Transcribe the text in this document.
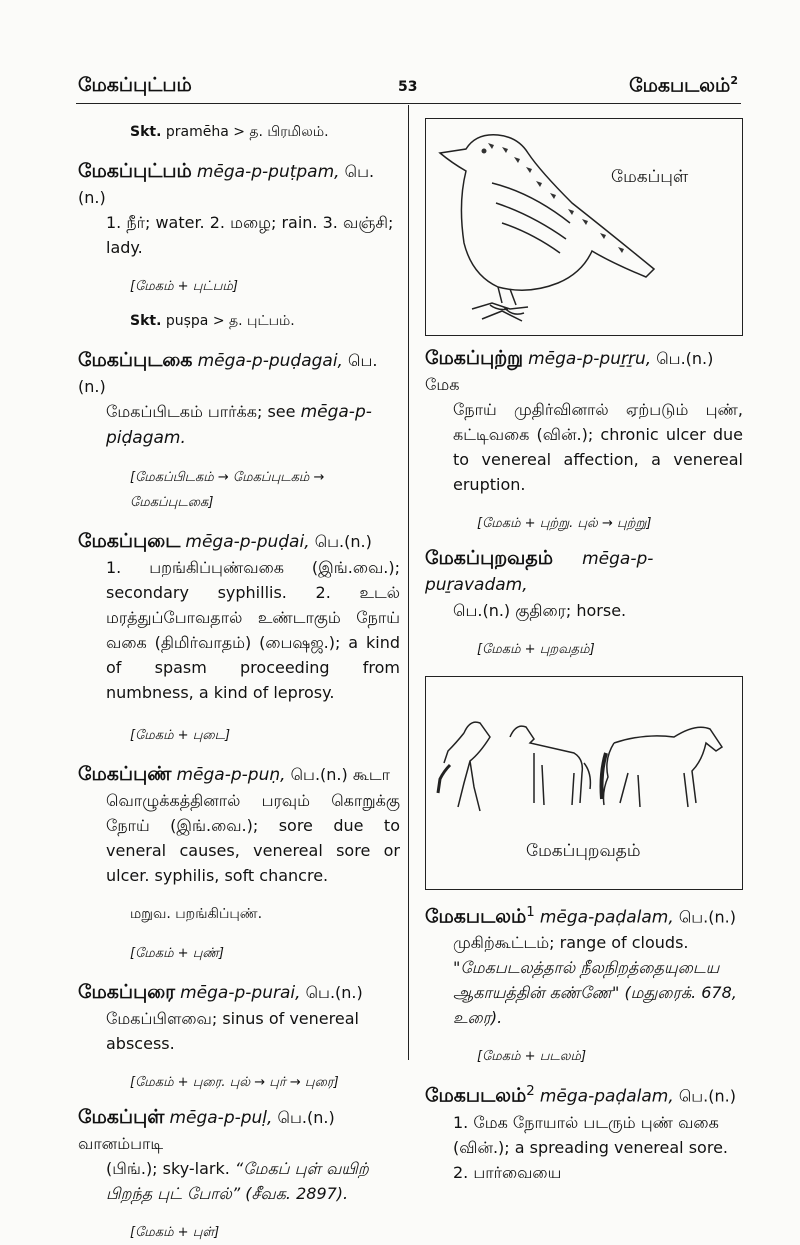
மேகப்புட்பம்	53	மேகபடலம்$^2$

Skt. pramēha > த. பிரமிலம்.

மேகப்புட்பம் mēga-p-puṭpam, பெ.(n.)

1. நீர்; water. 2. மழை; rain. 3. வஞ்சி; lady.

[மேகம் + புட்பம்]

Skt. puṣpa > த. புட்பம்.

மேகப்புடகை mēga-p-puḍagai, பெ.(n.)

மேகப்பிடகம் பார்க்க; see mēga-p-
piḍagam.

[மேகப்பிடகம் → மேகப்புடகம் → மேகப்புடகை]

மேகப்புடை mēga-p-puḍai, பெ.(n.)

1. பறங்கிப்புண்வகை (இங்.வை.); secondary syphillis. 2. உடல் மரத்துப்போவதால் உண்டாகும் நோய் வகை (திமிர்வாதம்) (பைஷஜ.); a kind of spasm proceeding from numbness, a kind of leprosy.

[மேகம் + புடை]

மேகப்புண் mēga-p-puṇ, பெ.(n.) கூடா

வொழுக்கத்தினால் பரவும் கொறுக்கு நோய் (இங்.வை.); sore due to veneral causes, venereal sore or ulcer. syphilis, soft chancre.

மறுவ. பறங்கிப்புண்.

[மேகம் + புண்]

மேகப்புரை mēga-p-purai, பெ.(n.)

மேகப்பிளவை; sinus of venereal abscess.

[மேகம் + புரை. புல் → புர் → புரை]

மேகப்புள் mēga-p-puḷ, பெ.(n.) வானம்பாடி

(பிங்.); sky-lark. “மேகப் புள் வயிற் பிறந்த புட் போல்” (சீவக. 2897).

[மேகம் + புள்]

மேகப்புள்

மேகப்புற்று mēga-p-puṟṟu, பெ.(n.) மேக

நோய் முதிர்வினால் ஏற்படும் புண், கட்டிவகை (வின்.); chronic ulcer due to venereal affection, a venereal eruption.

[மேகம் + புற்று. புல் → புற்று]

மேகப்புறவதம் mēga-p-puṟavadam,

பெ.(n.) குதிரை; horse.

[மேகம் + புறவதம்]

மேகப்புறவதம்

மேகபடலம்$^1$ mēga-paḍalam, பெ.(n.)

முகிற்கூட்டம்; range of clouds. "மேகபடலத்தால் நீலநிறத்தையுடைய ஆகாயத்தின் கண்ணே" (மதுரைக். 678, உரை).

[மேகம் + படலம்]

மேகபடலம்$^2$ mēga-paḍalam, பெ.(n.)

1. மேக நோயால் படரும் புண் வகை (வின்.); a spreading venereal sore. 2. பார்வையை
